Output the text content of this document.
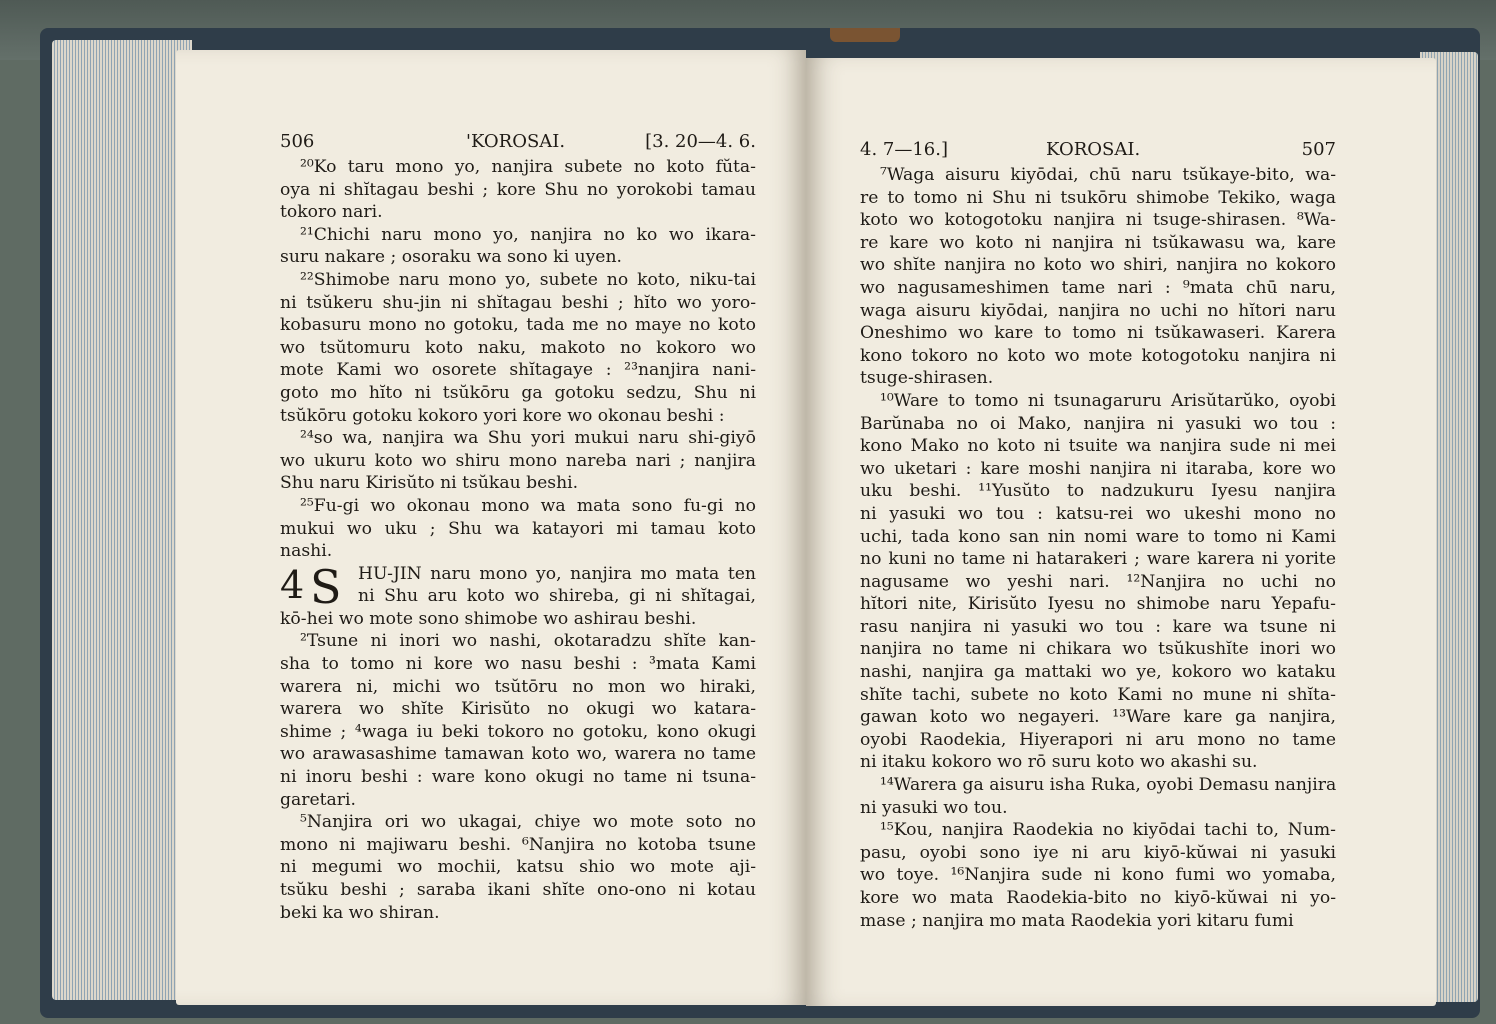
506	'KOROSAI.	[3. 20—4. 6.
²⁰Ko taru mono yo, nanjira subete no koto fŭta-
oya ni shĭtagau beshi ; kore Shu no yorokobi tamau
tokoro nari.
²¹Chichi naru mono yo, nanjira no ko wo ikara-
suru nakare ; osoraku wa sono ki uyen.
²²Shimobe naru mono yo, subete no koto, niku-tai
ni tsŭkeru shu-jin ni shĭtagau beshi ; hĭto wo yoro-
kobasuru mono no gotoku, tada me no maye no koto
wo tsŭtomuru koto naku, makoto no kokoro wo
mote Kami wo osorete shĭtagaye : ²³nanjira nani-
goto mo hĭto ni tsŭkōru ga gotoku sedzu, Shu ni
tsŭkōru gotoku kokoro yori kore wo okonau beshi :
²⁴so wa, nanjira wa Shu yori mukui naru shi-giyō
wo ukuru koto wo shiru mono nareba nari ; nanjira
Shu naru Kirisŭto ni tsŭkau beshi.
²⁵Fu-gi wo okonau mono wa mata sono fu-gi no
mukui wo uku ; Shu wa katayori mi tamau koto
nashi.
4 S HU-JIN naru mono yo, nanjira mo mata ten
ni Shu aru koto wo shireba, gi ni shĭtagai,
kō-hei wo mote sono shimobe wo ashirau beshi.
²Tsune ni inori wo nashi, okotaradzu shĭte kan-
sha to tomo ni kore wo nasu beshi : ³mata Kami
warera ni, michi wo tsŭtōru no mon wo hiraki,
warera wo shĭte Kirisŭto no okugi wo katara-
shime ; ⁴waga iu beki tokoro no gotoku, kono okugi
wo arawasashime tamawan koto wo, warera no tame
ni inoru beshi : ware kono okugi no tame ni tsuna-
garetari.
⁵Nanjira ori wo ukagai, chiye wo mote soto no
mono ni majiwaru beshi. ⁶Nanjira no kotoba tsune
ni megumi wo mochii, katsu shio wo mote aji-
tsŭku beshi ; saraba ikani shĭte ono-ono ni kotau
beki ka wo shiran.
4. 7—16.]	KOROSAI.	507
⁷Waga aisuru kiyōdai, chū naru tsŭkaye-bito, wa-
re to tomo ni Shu ni tsukōru shimobe Tekiko, waga
koto wo kotogotoku nanjira ni tsuge-shirasen. ⁸Wa-
re kare wo koto ni nanjira ni tsŭkawasu wa, kare
wo shĭte nanjira no koto wo shiri, nanjira no kokoro
wo nagusameshimen tame nari : ⁹mata chū naru,
waga aisuru kiyōdai, nanjira no uchi no hĭtori naru
Oneshimo wo kare to tomo ni tsŭkawaseri. Karera
kono tokoro no koto wo mote kotogotoku nanjira ni
tsuge-shirasen.
¹⁰Ware to tomo ni tsunagaruru Arisŭtarŭko, oyobi
Barŭnaba no oi Mako, nanjira ni yasuki wo tou :
kono Mako no koto ni tsuite wa nanjira sude ni mei
wo uketari : kare moshi nanjira ni itaraba, kore wo
uku beshi. ¹¹Yusŭto to nadzukuru Iyesu nanjira
ni yasuki wo tou : katsu-rei wo ukeshi mono no
uchi, tada kono san nin nomi ware to tomo ni Kami
no kuni no tame ni hatarakeri ; ware karera ni yorite
nagusame wo yeshi nari. ¹²Nanjira no uchi no
hĭtori nite, Kirisŭto Iyesu no shimobe naru Yepafu-
rasu nanjira ni yasuki wo tou : kare wa tsune ni
nanjira no tame ni chikara wo tsŭkushĭte inori wo
nashi, nanjira ga mattaki wo ye, kokoro wo kataku
shĭte tachi, subete no koto Kami no mune ni shĭta-
gawan koto wo negayeri. ¹³Ware kare ga nanjira,
oyobi Raodekia, Hiyerapori ni aru mono no tame
ni itaku kokoro wo rō suru koto wo akashi su.
¹⁴Warera ga aisuru isha Ruka, oyobi Demasu nanjira
ni yasuki wo tou.
¹⁵Kou, nanjira Raodekia no kiyōdai tachi to, Num-
pasu, oyobi sono iye ni aru kiyō-kŭwai ni yasuki
wo toye. ¹⁶Nanjira sude ni kono fumi wo yomaba,
kore wo mata Raodekia-bito no kiyō-kŭwai ni yo-
mase ; nanjira mo mata Raodekia yori kitaru fumi
